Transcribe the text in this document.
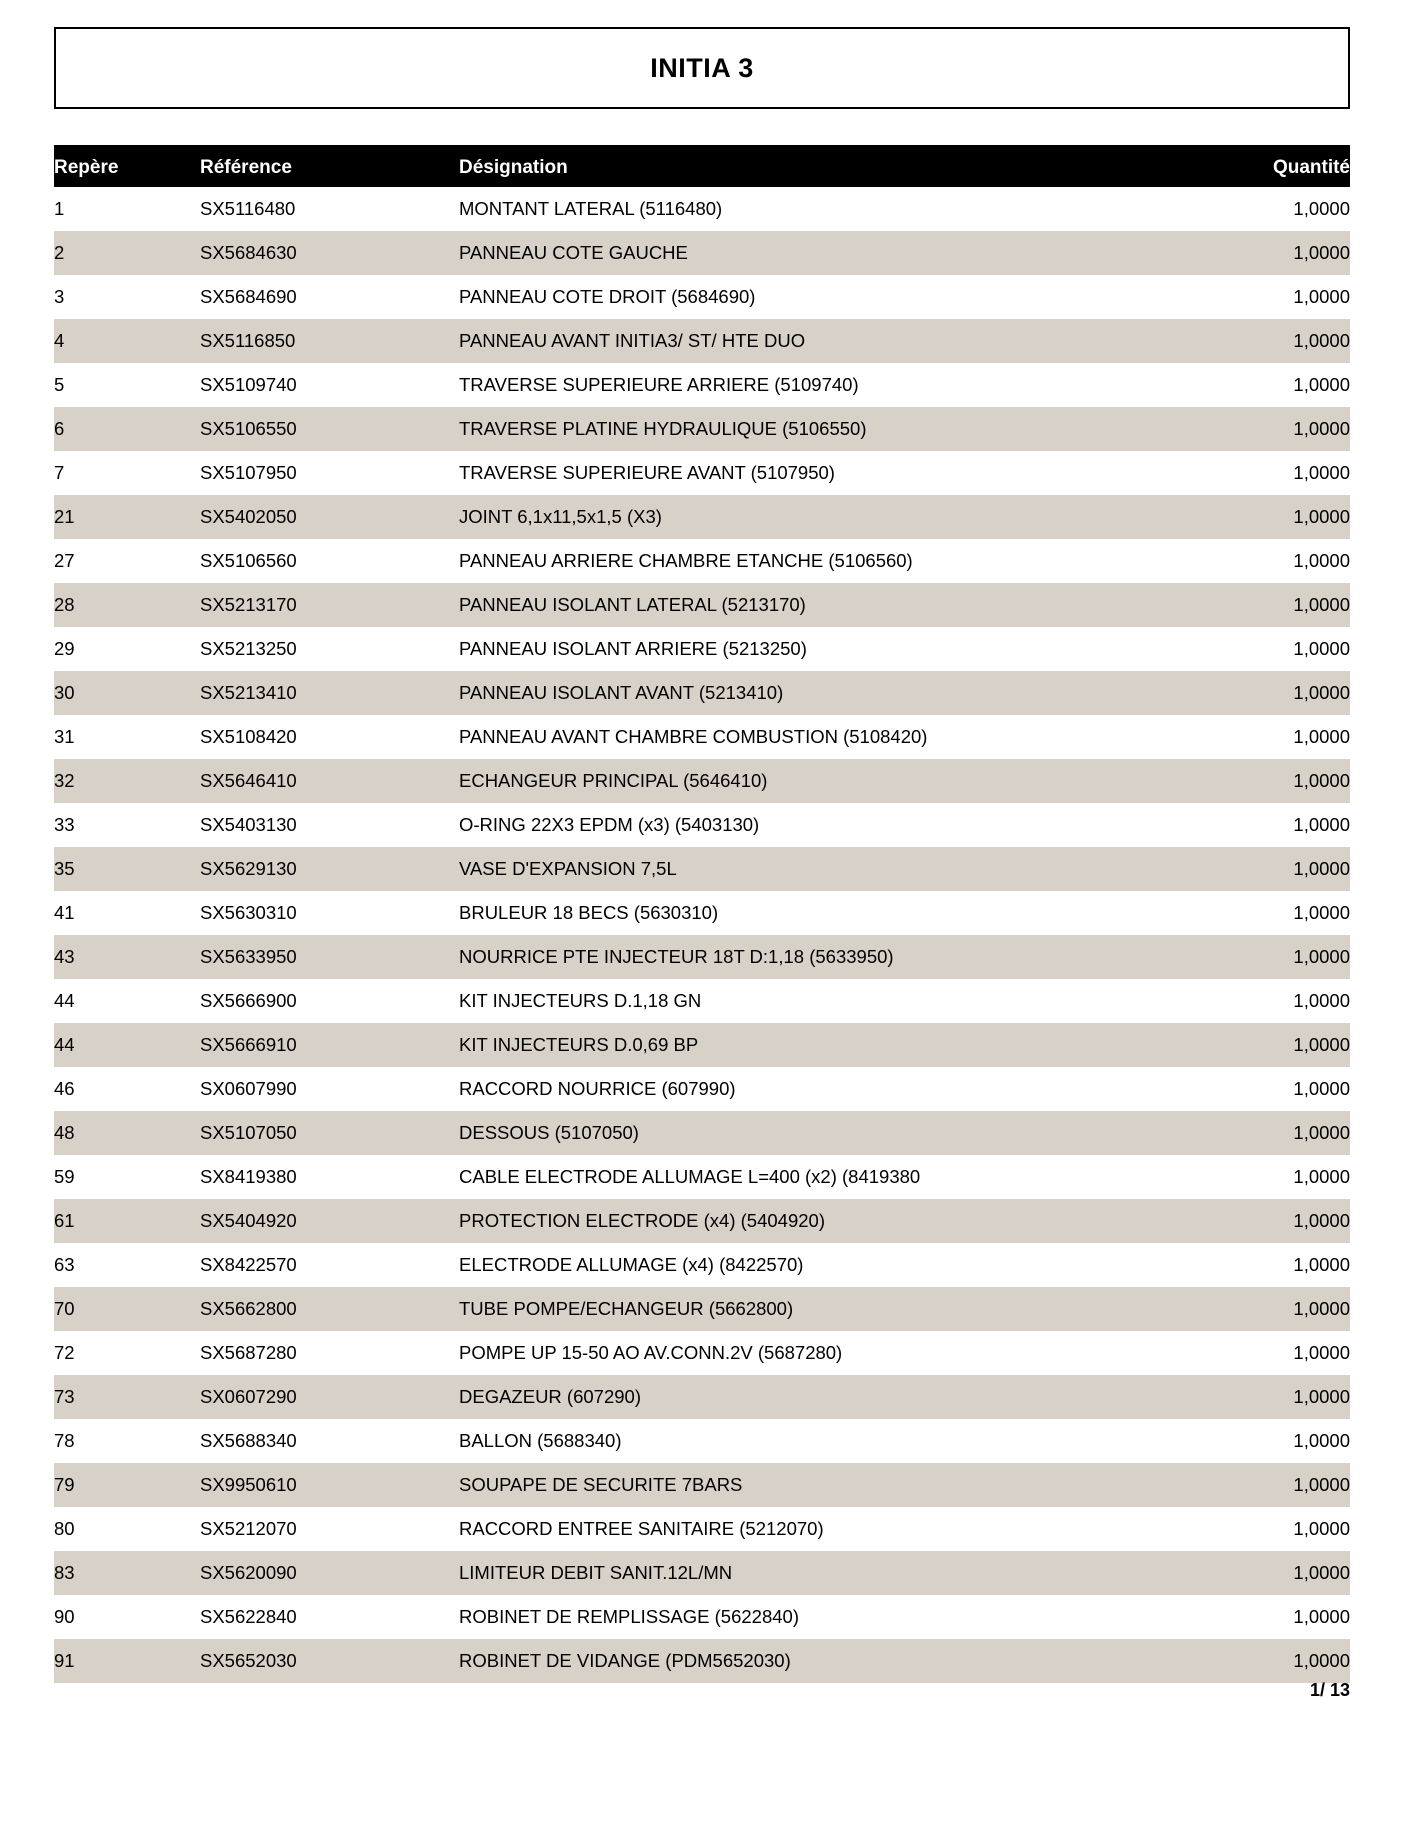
INITIA 3
Repère	Référence	Désignation	Quantité
1	SX5116480	MONTANT LATERAL (5116480)	1,0000
2	SX5684630	PANNEAU COTE GAUCHE	1,0000
3	SX5684690	PANNEAU COTE DROIT (5684690)	1,0000
4	SX5116850	PANNEAU AVANT INITIA3/ ST/ HTE DUO	1,0000
5	SX5109740	TRAVERSE SUPERIEURE ARRIERE (5109740)	1,0000
6	SX5106550	TRAVERSE PLATINE HYDRAULIQUE (5106550)	1,0000
7	SX5107950	TRAVERSE SUPERIEURE AVANT (5107950)	1,0000
21	SX5402050	JOINT 6,1x11,5x1,5 (X3)	1,0000
27	SX5106560	PANNEAU ARRIERE CHAMBRE ETANCHE (5106560)	1,0000
28	SX5213170	PANNEAU ISOLANT LATERAL (5213170)	1,0000
29	SX5213250	PANNEAU ISOLANT ARRIERE (5213250)	1,0000
30	SX5213410	PANNEAU ISOLANT AVANT (5213410)	1,0000
31	SX5108420	PANNEAU AVANT CHAMBRE COMBUSTION (5108420)	1,0000
32	SX5646410	ECHANGEUR PRINCIPAL (5646410)	1,0000
33	SX5403130	O-RING 22X3 EPDM (x3) (5403130)	1,0000
35	SX5629130	VASE D'EXPANSION 7,5L	1,0000
41	SX5630310	BRULEUR 18 BECS (5630310)	1,0000
43	SX5633950	NOURRICE PTE INJECTEUR 18T D:1,18 (5633950)	1,0000
44	SX5666900	KIT INJECTEURS D.1,18 GN	1,0000
44	SX5666910	KIT INJECTEURS D.0,69 BP	1,0000
46	SX0607990	RACCORD NOURRICE (607990)	1,0000
48	SX5107050	DESSOUS (5107050)	1,0000
59	SX8419380	CABLE ELECTRODE ALLUMAGE L=400 (x2) (8419380	1,0000
61	SX5404920	PROTECTION ELECTRODE (x4) (5404920)	1,0000
63	SX8422570	ELECTRODE ALLUMAGE (x4) (8422570)	1,0000
70	SX5662800	TUBE POMPE/ECHANGEUR (5662800)	1,0000
72	SX5687280	POMPE UP 15-50 AO AV.CONN.2V (5687280)	1,0000
73	SX0607290	DEGAZEUR (607290)	1,0000
78	SX5688340	BALLON (5688340)	1,0000
79	SX9950610	SOUPAPE DE SECURITE 7BARS	1,0000
80	SX5212070	RACCORD ENTREE SANITAIRE (5212070)	1,0000
83	SX5620090	LIMITEUR DEBIT SANIT.12L/MN	1,0000
90	SX5622840	ROBINET DE REMPLISSAGE (5622840)	1,0000
91	SX5652030	ROBINET DE VIDANGE (PDM5652030)	1,0000
1/ 13
